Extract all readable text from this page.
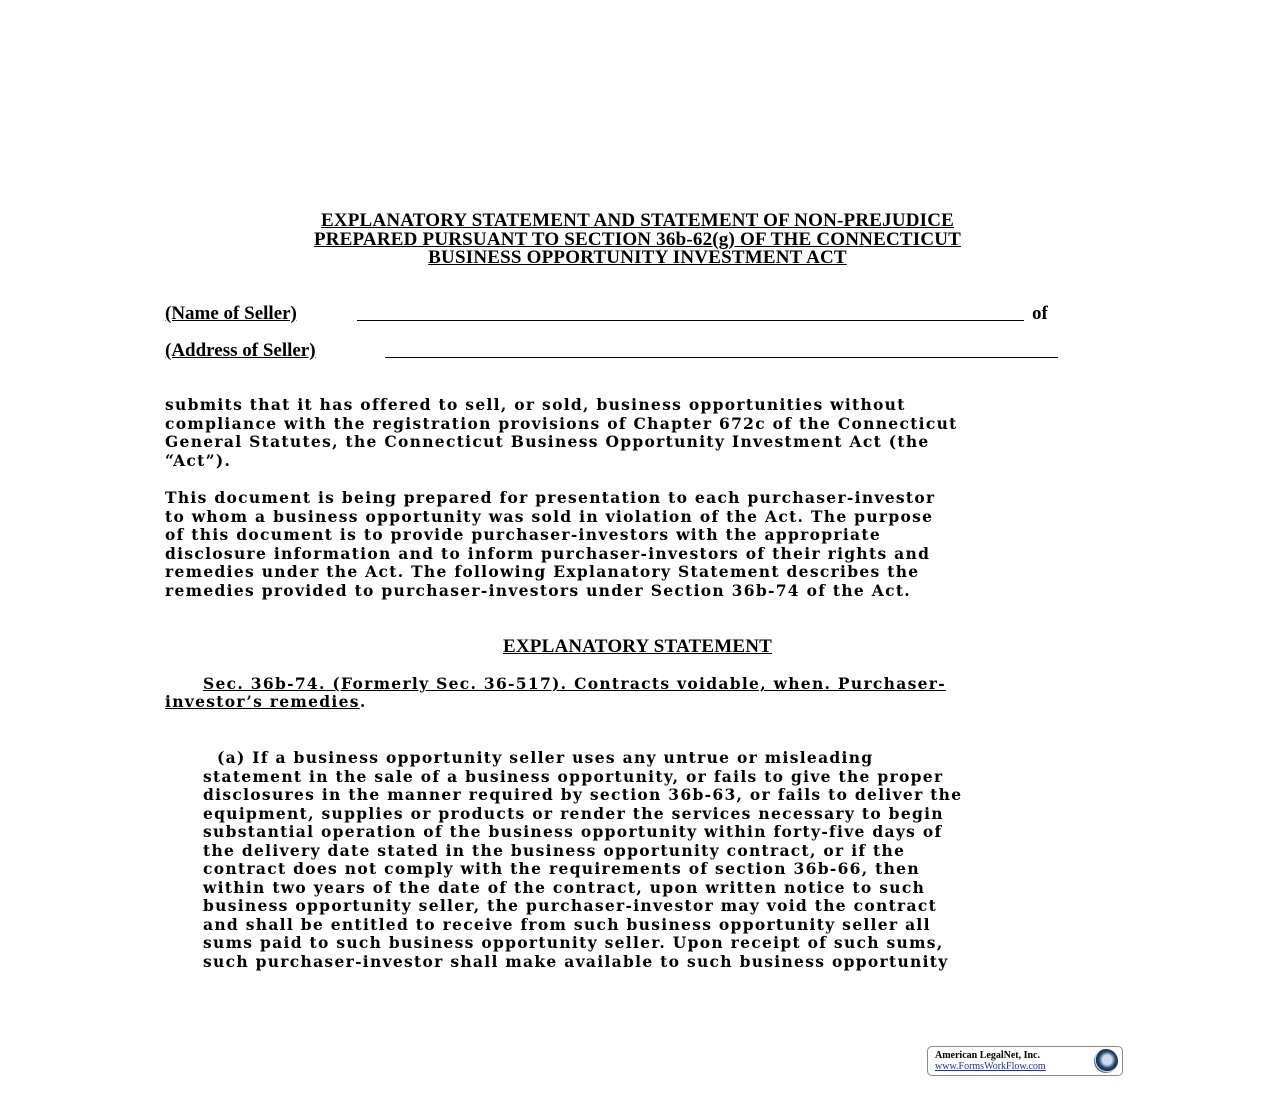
EXPLANATORY STATEMENT AND STATEMENT OF NON-PREJUDICE
PREPARED PURSUANT TO SECTION 36b-62(g) OF THE CONNECTICUT
BUSINESS OPPORTUNITY INVESTMENT ACT
(Name of Seller)	of
(Address of Seller)
submits that it has offered to sell, or sold, business opportunities without
compliance with the registration provisions of Chapter 672c of the Connecticut
General Statutes, the Connecticut Business Opportunity Investment Act (the
“Act”).
This document is being prepared for presentation to each purchaser-investor
to whom a business opportunity was sold in violation of the Act. The purpose
of this document is to provide purchaser-investors with the appropriate
disclosure information and to inform purchaser-investors of their rights and
remedies under the Act. The following Explanatory Statement describes the
remedies provided to purchaser-investors under Section 36b-74 of the Act.
EXPLANATORY STATEMENT
Sec. 36b-74. (Formerly Sec. 36-517). Contracts voidable, when. Purchaser-
investor’s remedies.
(a) If a business opportunity seller uses any untrue or misleading
statement in the sale of a business opportunity, or fails to give the proper
disclosures in the manner required by section 36b-63, or fails to deliver the
equipment, supplies or products or render the services necessary to begin
substantial operation of the business opportunity within forty-five days of
the delivery date stated in the business opportunity contract, or if the
contract does not comply with the requirements of section 36b-66, then
within two years of the date of the contract, upon written notice to such
business opportunity seller, the purchaser-investor may void the contract
and shall be entitled to receive from such business opportunity seller all
sums paid to such business opportunity seller. Upon receipt of such sums,
such purchaser-investor shall make available to such business opportunity
American LegalNet, Inc.
www.FormsWorkFlow.com
